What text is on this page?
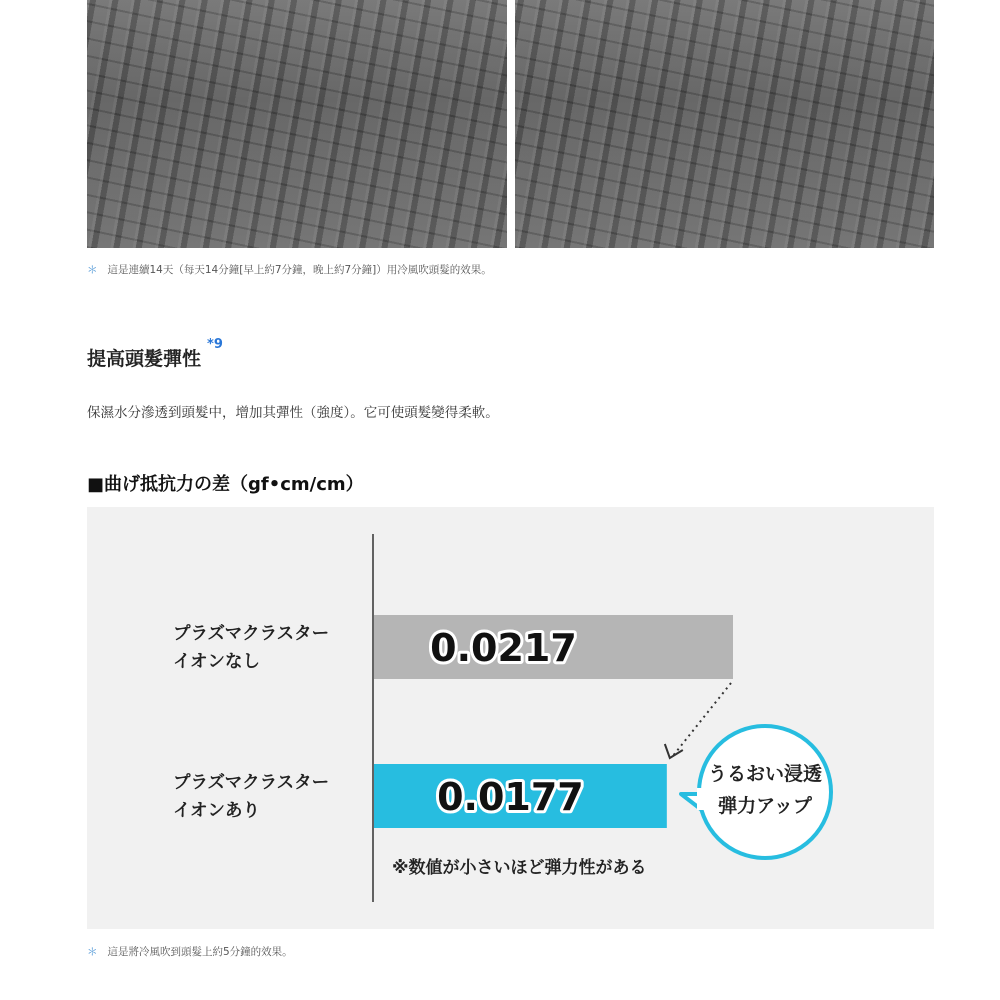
＊ 這是連續14天（每天14分鐘[早上約7分鐘，晚上約7分鐘]）用冷風吹頭髮的效果。
提高頭髮彈性$^{*9}$
保濕水分滲透到頭髮中，增加其彈性（強度）。它可使頭髮變得柔軟。
■曲げ抵抗力の差（gf•cm/cm）
0.0217
プラズマクラスター
イオンなし
0.0177
プラズマクラスター
イオンあり
うるおい浸透
弾力アップ
※数値が小さいほど弾力性がある
＊ 這是將冷風吹到頭髮上約5分鐘的效果。
